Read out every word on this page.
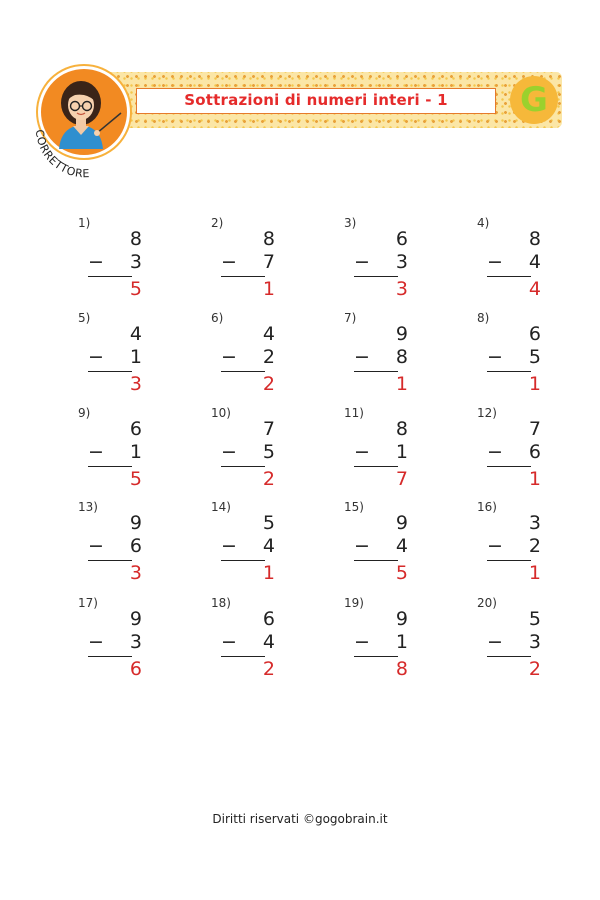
Sottrazioni di numeri interi - 1
CORRETTORE
G
1)
8
− 3
5
2)
8
− 7
1
3)
6
− 3
3
4)
8
− 4
4
5)
4
− 1
3
6)
4
− 2
2
7)
9
− 8
1
8)
6
− 5
1
9)
6
− 1
5
10)
7
− 5
2
11)
8
− 1
7
12)
7
− 6
1
13)
9
− 6
3
14)
5
− 4
1
15)
9
− 4
5
16)
3
− 2
1
17)
9
− 3
6
18)
6
− 4
2
19)
9
− 1
8
20)
5
− 3
2
Diritti riservati ©gogobrain.it
